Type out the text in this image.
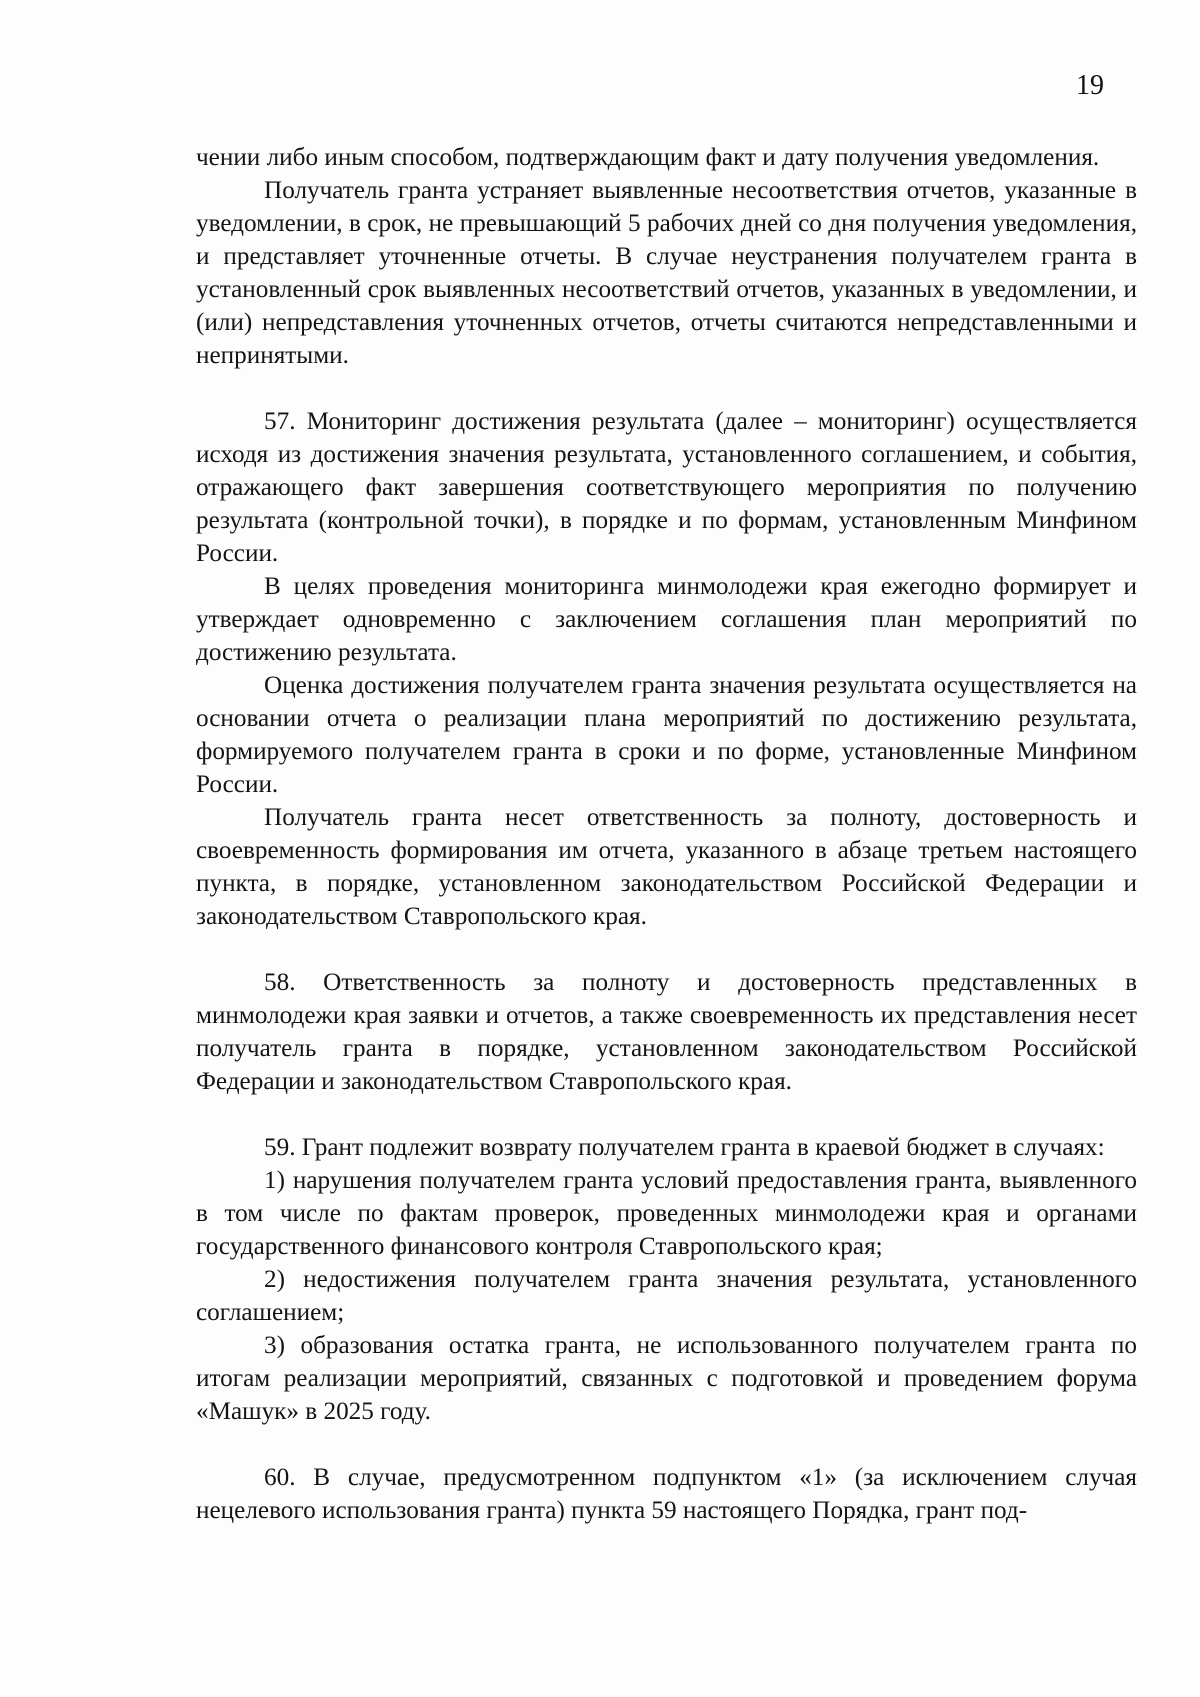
19

чении либо иным способом, подтверждающим факт и дату получения уведомления.

Получатель гранта устраняет выявленные несоответствия отчетов, указанные в уведомлении, в срок, не превышающий 5 рабочих дней со дня получения уведомления, и представляет уточненные отчеты. В случае неустранения получателем гранта в установленный срок выявленных несоответствий отчетов, указанных в уведомлении, и (или) непредставления уточненных отчетов, отчеты считаются непредставленными и непринятыми.

57. Мониторинг достижения результата (далее – мониторинг) осуществляется исходя из достижения значения результата, установленного соглашением, и события, отражающего факт завершения соответствующего мероприятия по получению результата (контрольной точки), в порядке и по формам, установленным Минфином России.

В целях проведения мониторинга минмолодежи края ежегодно формирует и утверждает одновременно с заключением соглашения план мероприятий по достижению результата.

Оценка достижения получателем гранта значения результата осуществляется на основании отчета о реализации плана мероприятий по достижению результата, формируемого получателем гранта в сроки и по форме, установленные Минфином России.

Получатель гранта несет ответственность за полноту, достоверность и своевременность формирования им отчета, указанного в абзаце третьем настоящего пункта, в порядке, установленном законодательством Российской Федерации и законодательством Ставропольского края.

58. Ответственность за полноту и достоверность представленных в минмолодежи края заявки и отчетов, а также своевременность их представления несет получатель гранта в порядке, установленном законодательством Российской Федерации и законодательством Ставропольского края.

59. Грант подлежит возврату получателем гранта в краевой бюджет в случаях:

1) нарушения получателем гранта условий предоставления гранта, выявленного в том числе по фактам проверок, проведенных минмолодежи края и органами государственного финансового контроля Ставропольского края;

2) недостижения получателем гранта значения результата, установленного соглашением;

3) образования остатка гранта, не использованного получателем гранта по итогам реализации мероприятий, связанных с подготовкой и проведением форума «Машук» в 2025 году.

60. В случае, предусмотренном подпунктом «1» (за исключением случая нецелевого использования гранта) пункта 59 настоящего Порядка, грант под-
